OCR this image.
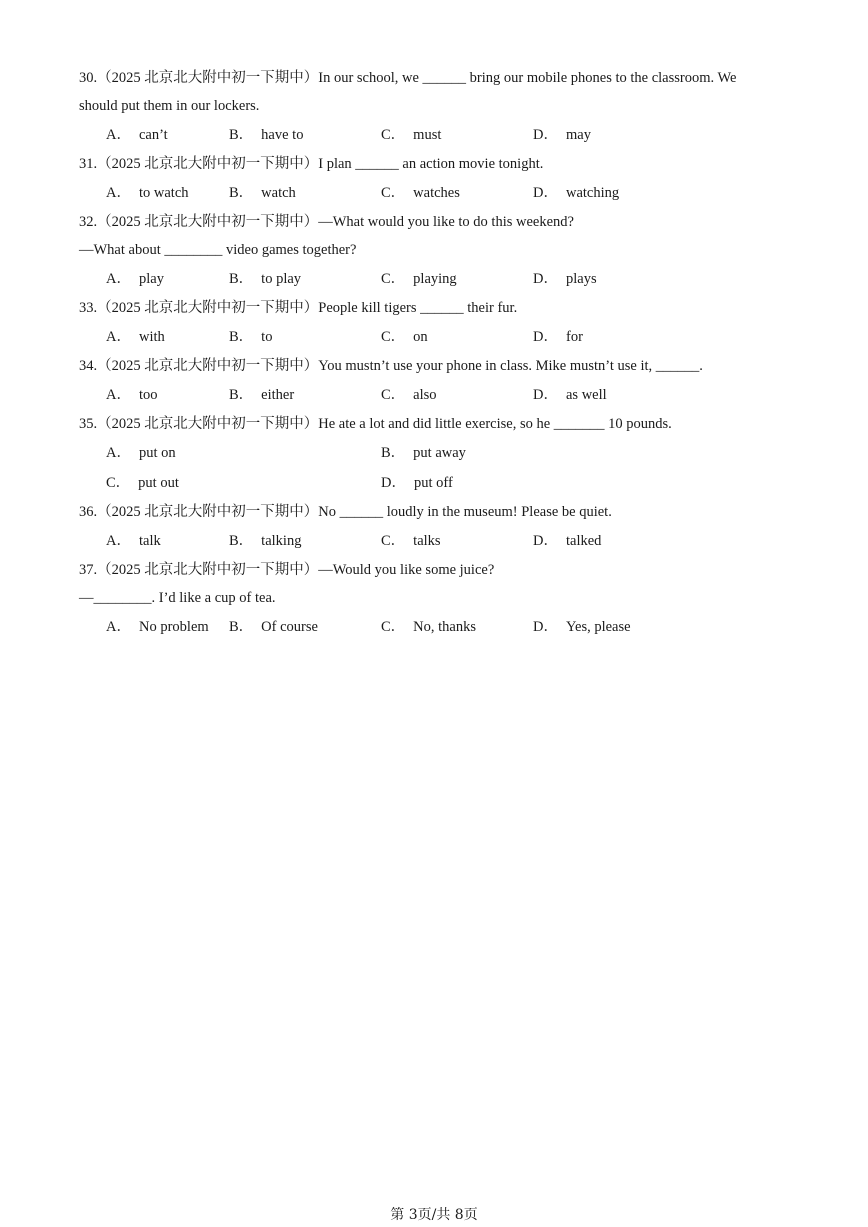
30.（2025 北京北大附中初一下期中）In our school, we ______ bring our mobile phones to the classroom. We

should put them in our lockers.

A． can’t	B． have to	C． must	D． may

31.（2025 北京北大附中初一下期中）I plan ______ an action movie tonight.

A． to watch	B． watch	C． watches	D． watching

32.（2025 北京北大附中初一下期中）—What would you like to do this weekend?

—What about ________ video games together?

A． play	B． to play	C． playing	D． plays

33.（2025 北京北大附中初一下期中）People kill tigers ______ their fur.

A． with	B． to	C． on	D． for

34.（2025 北京北大附中初一下期中）You mustn’t use your phone in class. Mike mustn’t use it, ______.

A． too	B． either	C． also	D． as well

35.（2025 北京北大附中初一下期中）He ate a lot and did little exercise, so he _______ 10 pounds.

A． put on	B． put away
C． put out	D． put off

36.（2025 北京北大附中初一下期中）No ______ loudly in the museum! Please be quiet.

A． talk	B． talking	C． talks	D． talked

37.（2025 北京北大附中初一下期中）—Would you like some juice?

—________. I’d like a cup of tea.

A． No problem B． Of course	C． No, thanks	D． Yes, please
第 3页/共 8页
